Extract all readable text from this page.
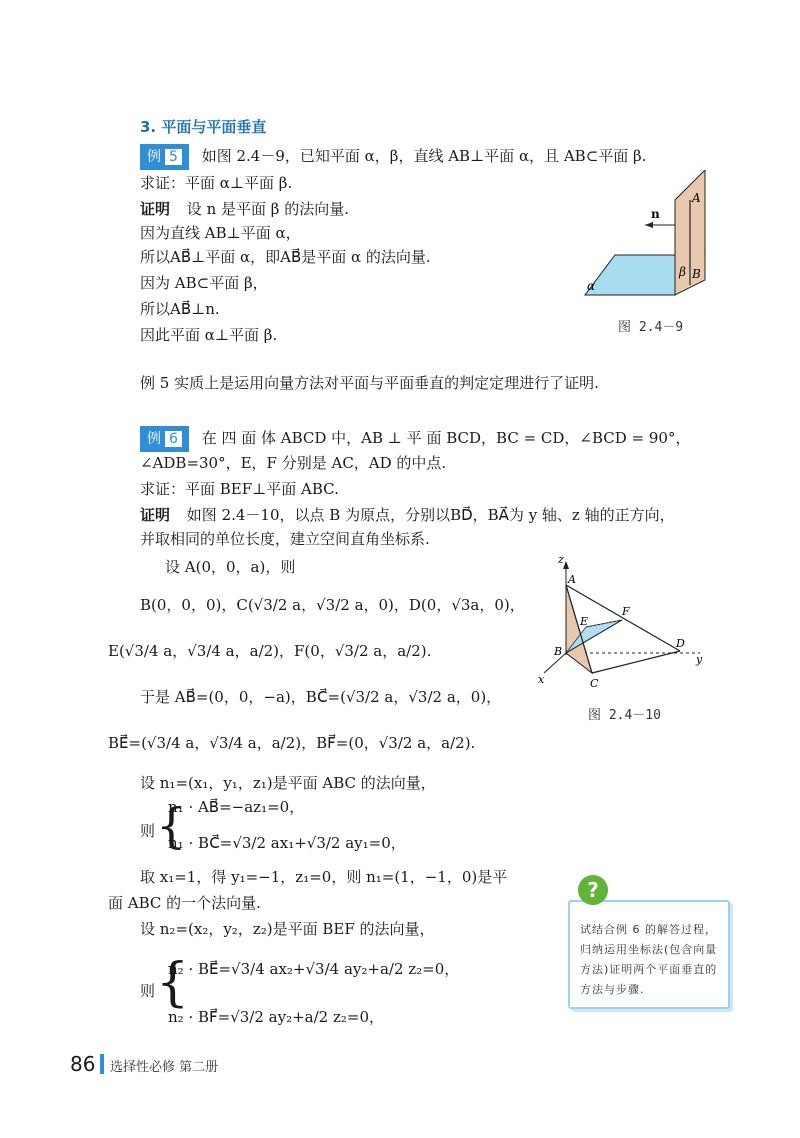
3. 平面与平面垂直
例 5 如图 2.4－9，已知平面 α，β，直线 AB⊥平面 α，且 AB⊂平面 β.
求证：平面 α⊥平面 β.
证明 设 n 是平面 β 的法向量.
因为直线 AB⊥平面 α，
所以AB⃗⊥平面 α，即AB⃗是平面 α 的法向量.
因为 AB⊂平面 β，
所以AB⃗⊥n.
因此平面 α⊥平面 β.
n
A
B
β
α
图 2.4－9
例 5 实质上是运用向量方法对平面与平面垂直的判定定理进行了证明.
例 6 在 四 面 体 ABCD 中，AB ⊥ 平 面 BCD，BC = CD，∠BCD = 90°，
∠ADB=30°，E，F 分别是 AC，AD 的中点.
求证：平面 BEF⊥平面 ABC.
证明 如图 2.4－10，以点 B 为原点，分别以BD⃗，BA⃗为 y 轴、z 轴的正方向，
并取相同的单位长度，建立空间直角坐标系.
设 A(0，0，a)，则
B(0，0，0)，C(√3/2 a，√3/2 a，0)，D(0，√3a，0)，
E(√3/4 a，√3/4 a，a/2)，F(0，√3/2 a，a/2).
于是 AB⃗=(0，0，−a)，BC⃗=(√3/2 a，√3/2 a，0)，
BE⃗=(√3/4 a，√3/4 a，a/2)，BF⃗=(0，√3/2 a，a/2).
设 n₁=(x₁，y₁，z₁)是平面 ABC 的法向量，
则 {
n₁ · AB⃗=−az₁=0，
n₁ · BC⃗=√3/2 ax₁+√3/2 ay₁=0，
取 x₁=1，得 y₁=−1，z₁=0，则 n₁=(1，−1，0)是平
面 ABC 的一个法向量.
设 n₂=(x₂，y₂，z₂)是平面 BEF 的法向量，
则 {
n₂ · BE⃗=√3/4 ax₂+√3/4 ay₂+a/2 z₂=0，
n₂ · BF⃗=√3/2 ay₂+a/2 z₂=0，
z
A
E
F
B
D
y
x	C
图 2.4－10
试结合例 6 的解答过程，归纳运用坐标法(包含向量方法)证明两个平面垂直的方法与步骤.
?
86 选择性必修 第二册
